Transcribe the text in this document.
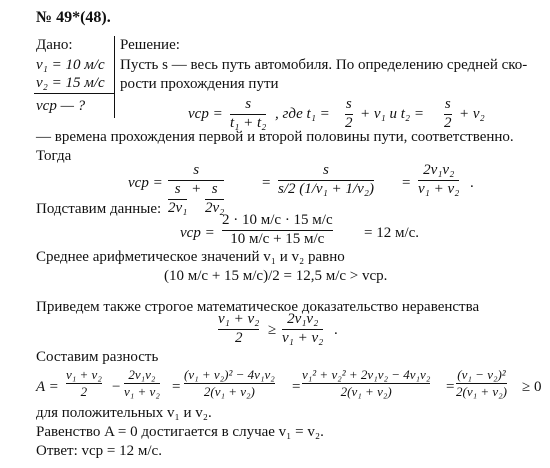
№ 49*(48).
Дано:
v₁ = 10 м/с
v₂ = 15 м/с
vср — ?
Решение:
Пусть s — весь путь автомобиля. По определению средней ско-
рости прохождения пути
vср =
s
t₁ + t₂
, где t₁ =
s
2
+ v₁ и t₂ =
s
2
+ v₂
— времена прохождения первой и второй половины пути, соответственно.
Тогда
vср =
s
$\frac{s}{\text{2v₁}} + \frac{s}{\text{2v₂}}$	=
s
s/2 (1/v₁ + 1/v₂) =
2v₁v₂
v₁ + v₂ .
Подставим данные:
vср =
2 · 10 м/с · 15 м/с
10 м/с + 15 м/с	= 12 м/с.
Среднее арифметическое значений v₁ и v₂ равно
(10 м/с + 15 м/с)/2 = 12,5 м/с > vср.
Приведем также строгое математическое доказательство неравенства
v₁ + v₂
2 ≥
2v₁v₂
v₁ + v₂ .
Составим разность
A =
v₁ + v₂
2 −
2v₁v₂
v₁ + v₂ =
(v₁ + v₂)² − 4v₁v₂
2(v₁ + v₂) =
v₁² + v₂² + 2v₁v₂ − 4v₁v₂
2(v₁ + v₂)	=
(v₁ − v₂)²
2(v₁ + v₂) ≥ 0
для положительных v₁ и v₂.
Равенство A = 0 достигается в случае v₁ = v₂.
Ответ: vср = 12 м/с.
